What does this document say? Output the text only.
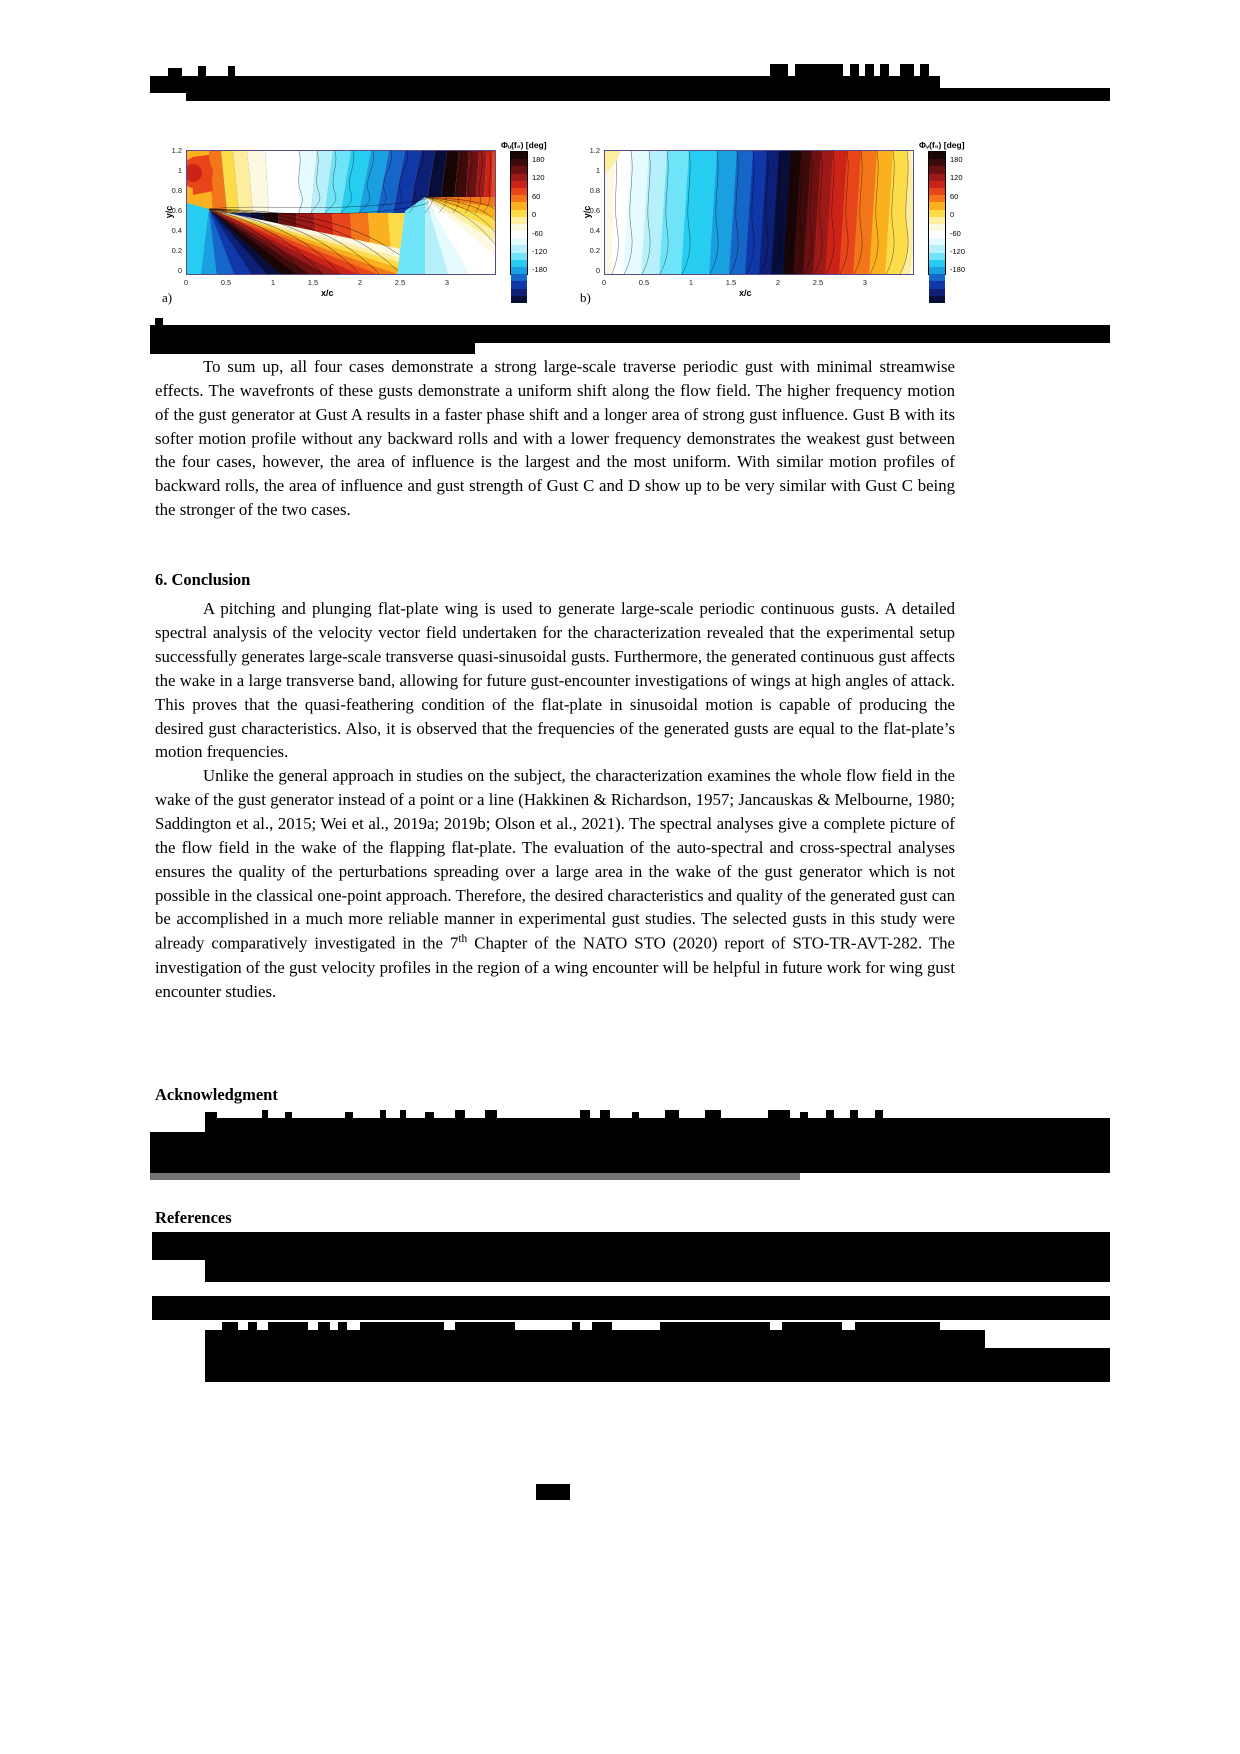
Φᵤ(f₀) [deg]
y/c
1.2
1
0.8
0.6
0.4
0.2
0
0	0.5	1	1.5	2	2.5	3
x/c
a)
180
120
60
0
-60
-120
-180
Φᵥ(f₀) [deg]
y/c
1.2
1
0.8
0.6
0.4
0.2
0
0	0.5	1	1.5	2	2.5	3
x/c
b)
180
120
60
0
-60
-120
-180

To sum up, all four cases demonstrate a strong large-scale traverse periodic gust with minimal streamwise effects. The wavefronts of these gusts demonstrate a uniform shift along the flow field. The higher frequency motion of the gust generator at Gust A results in a faster phase shift and a longer area of strong gust influence. Gust B with its softer motion profile without any backward rolls and with a lower frequency demonstrates the weakest gust between the four cases, however, the area of influence is the largest and the most uniform. With similar motion profiles of backward rolls, the area of influence and gust strength of Gust C and D show up to be very similar with Gust C being the stronger of the two cases.

6. Conclusion

A pitching and plunging flat-plate wing is used to generate large-scale periodic continuous gusts. A detailed spectral analysis of the velocity vector field undertaken for the characterization revealed that the experimental setup successfully generates large-scale transverse quasi-sinusoidal gusts. Furthermore, the generated continuous gust affects the wake in a large transverse band, allowing for future gust-encounter investigations of wings at high angles of attack. This proves that the quasi-feathering condition of the flat-plate in sinusoidal motion is capable of producing the desired gust characteristics. Also, it is observed that the frequencies of the generated gusts are equal to the flat-plate’s motion frequencies.

Unlike the general approach in studies on the subject, the characterization examines the whole flow field in the wake of the gust generator instead of a point or a line (Hakkinen & Richardson, 1957; Jancauskas & Melbourne, 1980; Saddington et al., 2015; Wei et al., 2019a; 2019b; Olson et al., 2021). The spectral analyses give a complete picture of the flow field in the wake of the flapping flat-plate. The evaluation of the auto-spectral and cross-spectral analyses ensures the quality of the perturbations spreading over a large area in the wake of the gust generator which is not possible in the classical one-point approach. Therefore, the desired characteristics and quality of the generated gust can be accomplished in a much more reliable manner in experimental gust studies. The selected gusts in this study were already comparatively investigated in the 7th Chapter of the NATO STO (2020) report of STO-TR-AVT-282. The investigation of the gust velocity profiles in the region of a wing encounter will be helpful in future work for wing gust encounter studies.

Acknowledgment
References
